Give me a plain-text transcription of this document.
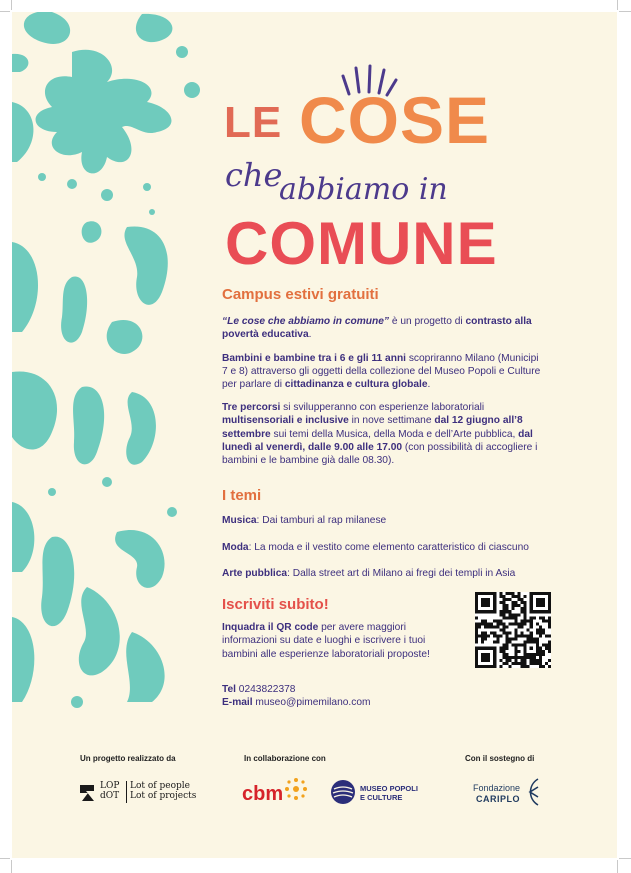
LE COSE
che
abbiamo in
COMUNE
Campus estivi gratuiti

“Le cose che abbiamo in comune” è un progetto di contrasto alla povertà educativa.

Bambini e bambine tra i 6 e gli 11 anni scopriranno Milano (Municipi 7 e 8) attraverso gli oggetti della collezione del Museo Popoli e Culture per parlare di cittadinanza e cultura globale.

Tre percorsi si svilupperanno con esperienze laboratoriali multisensoriali e inclusive in nove settimane dal 12 giugno all’8 settembre sui temi della Musica, della Moda e dell’Arte pubblica, dal lunedì al venerdì, dalle 9.00 alle 17.00 (con possibilità di accogliere i bambini e le bambine già dalle 08.30).

I temi

Musica: Dai tamburi al rap milanese

Moda: La moda e il vestito come elemento caratteristico di ciascuno

Arte pubblica: Dalla street art di Milano ai fregi dei templi in Asia

Iscriviti subito!

Inquadra il QR code per avere maggiori informazioni su date e luoghi e iscrivere i tuoi bambini alle esperienze laboratoriali proposte!

Tel 0243822378

E-mail museo@pimemilano.com

Un progetto realizzato da	In collaborazione con	Con il sostegno di
LOP
dOT
Lot of people
Lot of projects	cbm	MUSEO POPOLI
E CULTURE
Fondazione
CARIPLO
